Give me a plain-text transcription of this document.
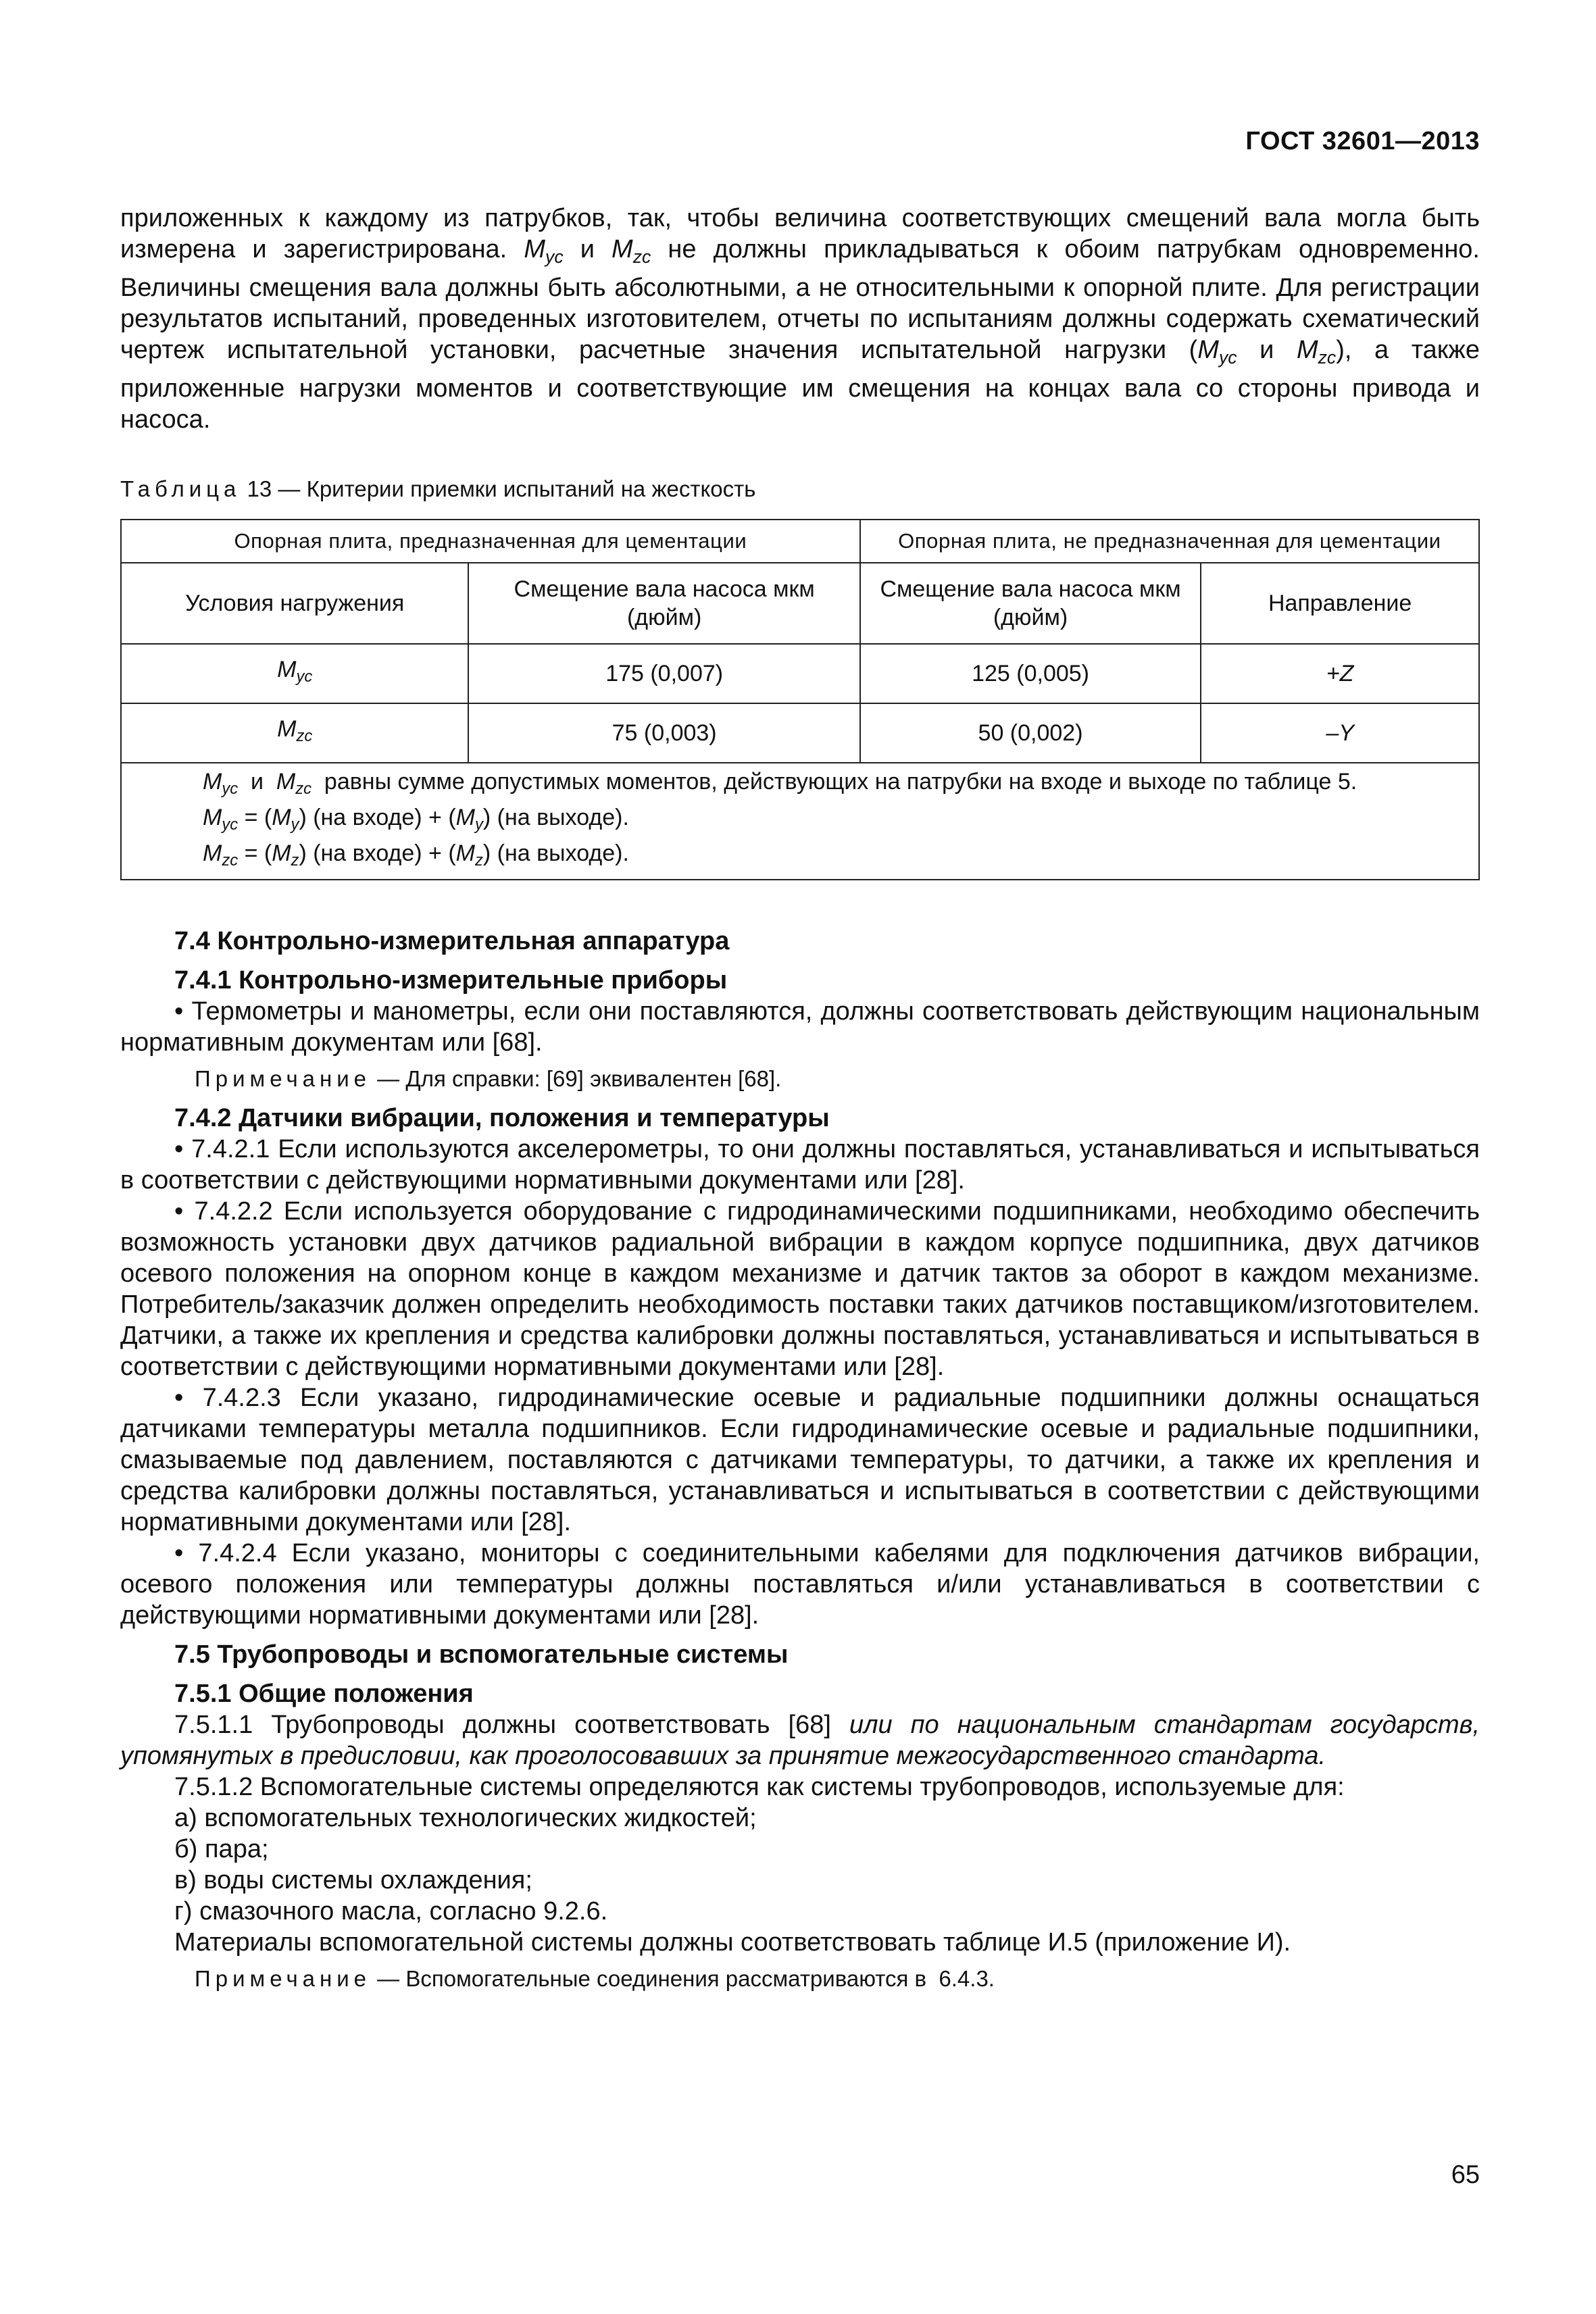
ГОСТ 32601—2013

приложенных к каждому из патрубков, так, чтобы величина соответствующих смещений вала могла быть измерена и зарегистрирована. $M_{yc}$ и $M_{zc}$ не должны прикладываться к обоим патрубкам одновременно. Величины смещения вала должны быть абсолютными, а не относительными к опорной плите. Для регистрации результатов испытаний, проведенных изготовителем, отчеты по испытаниям должны содержать схематический чертеж испытательной установки, расчетные значения испытательной нагрузки ($M_{yc}$ и $M_{zc}$), а также приложенные нагрузки моментов и соответствующие им смещения на концах вала со стороны привода и насоса.

Таблица 13 — Критерии приемки испытаний на жесткость
Опорная плита, предназначенная для цементации		Опорная плита, не предназначенная для цементации	
Условия нагружения	Смещение вала насоса мкм (дюйм)	Смещение вала насоса мкм (дюйм)	Направление
$M_{yc}$	175 (0,007)	125 (0,005)	+Z
$M_{zc}$	75 (0,003)	50 (0,002)	–Y

$M_{yc}$  и  $M_{zc}$  равны сумме допустимых моментов, действующих на патрубки на входе и выходе по таблице 5.
$M_{yc} = (M_y)$ (на входе) + $(M_y)$ (на выходе).
$M_{zc} = (M_z)$ (на входе) + $(M_z)$ (на выходе).			
7.4 Контрольно-измерительная аппаратура
7.4.1 Контрольно-измерительные приборы

• Термометры и манометры, если они поставляются, должны соответствовать действующим национальным нормативным документам или [68].

Примечание — Для справки: [69] эквивалентен [68].
7.4.2 Датчики вибрации, положения и температуры

• 7.4.2.1 Если используются акселерометры, то они должны поставляться, устанавливаться и испытываться в соответствии с действующими нормативными документами или [28].

• 7.4.2.2 Если используется оборудование с гидродинамическими подшипниками, необходимо обеспечить возможность установки двух датчиков радиальной вибрации в каждом корпусе подшипника, двух датчиков осевого положения на опорном конце в каждом механизме и датчик тактов за оборот в каждом механизме. Потребитель/заказчик должен определить необходимость поставки таких датчиков поставщиком/изготовителем. Датчики, а также их крепления и средства калибровки должны поставляться, устанавливаться и испытываться в соответствии с действующими нормативными документами или [28].

• 7.4.2.3 Если указано, гидродинамические осевые и радиальные подшипники должны оснащаться датчиками температуры металла подшипников. Если гидродинамические осевые и радиальные подшипники, смазываемые под давлением, поставляются с датчиками температуры, то датчики, а также их крепления и средства калибровки должны поставляться, устанавливаться и испытываться в соответствии с действующими нормативными документами или [28].

• 7.4.2.4 Если указано, мониторы с соединительными кабелями для подключения датчиков вибрации, осевого положения или температуры должны поставляться и/или устанавливаться в соответствии с действующими нормативными документами или [28].

7.5 Трубопроводы и вспомогательные системы
7.5.1 Общие положения

7.5.1.1 Трубопроводы должны соответствовать [68] или по национальным стандартам государств, упомянутых в предисловии, как проголосовавших за принятие межгосударственного стандарта.

7.5.1.2 Вспомогательные системы определяются как системы трубопроводов, используемые для:

а) вспомогательных технологических жидкостей;
б) пара;
в) воды системы охлаждения;
г) смазочного масла, согласно 9.2.6.
Материалы вспомогательной системы должны соответствовать таблице И.5 (приложение И).
Примечание — Вспомогательные соединения рассматриваются в  6.4.3.
65
